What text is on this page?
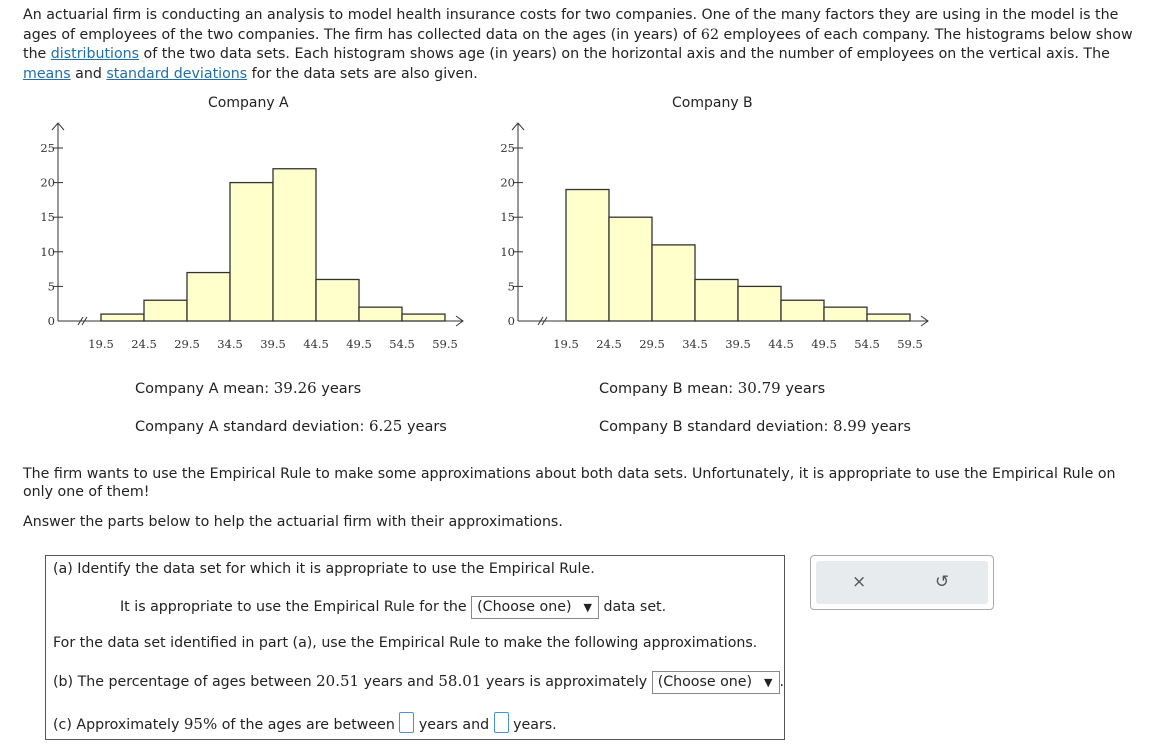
An actuarial firm is conducting an analysis to model health insurance costs for two companies. One of the many factors they are using in the model is the ages of employees of the two companies. The firm has collected data on the ages (in years) of 62 employees of each company. The histograms below show the distributions of the two data sets. Each histogram shows age (in years) on the horizontal axis and the number of employees on the vertical axis. The means and standard deviations for the data sets are also given.

Company A	Company B
0
5
10
15
20
25
19.5 24.5 29.5 34.5 39.5 44.5 49.5 54.5 59.5
0
5
10
15
20
25
19.5 24.5 29.5 34.5 39.5 44.5 49.5 54.5 59.5
Company A mean: 39.26 years
Company A standard deviation: 6.25 years
Company B mean: 30.79 years
Company B standard deviation: 8.99 years

The firm wants to use the Empirical Rule to make some approximations about both data sets. Unfortunately, it is appropriate to use the Empirical Rule on only one of them!

Answer the parts below to help the actuarial firm with their approximations.

(a) Identify the data set for which it is appropriate to use the Empirical Rule.
It is appropriate to use the Empirical Rule for the (Choose one) ▼ data set.
For the data set identified in part (a), use the Empirical Rule to make the following approximations.
(b) The percentage of ages between 20.51 years and 58.01 years is approximately (Choose one) ▼ .
(c) Approximately 95% of the ages are between years and years.
×	↺
